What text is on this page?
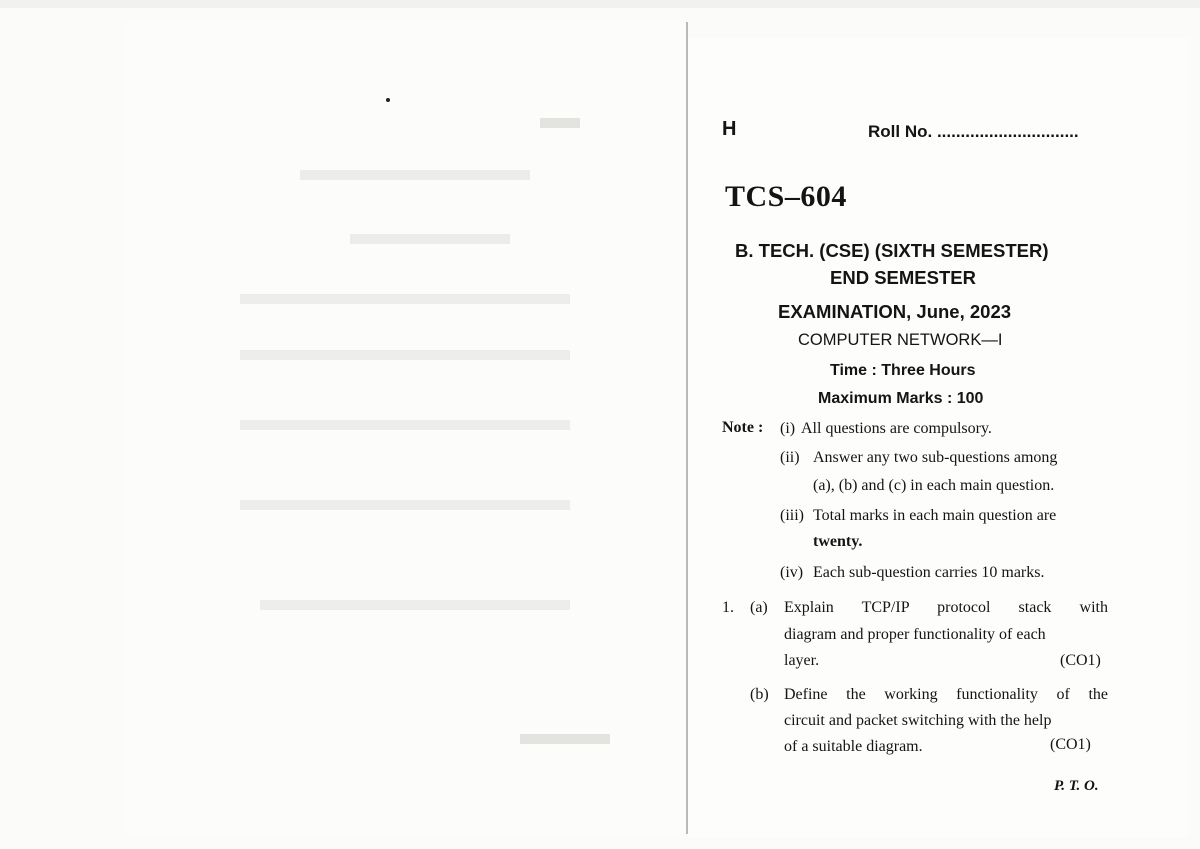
H	Roll No. ..............................
TCS–604
B. TECH. (CSE) (SIXTH SEMESTER)
END SEMESTER
EXAMINATION, June, 2023
COMPUTER NETWORK—I
Time : Three Hours
Maximum Marks : 100
Note : (i) All questions are compulsory.
(ii) Answer any two sub-questions among
(a), (b) and (c) in each main question.
(iii) Total marks in each main question are
twenty.
(iv) Each sub-question carries 10 marks.
1. (a) Explain TCP/IP protocol stack with
diagram and proper functionality of each
layer.	(CO1)
(b) Define the working functionality of the
circuit and packet switching with the help
of a suitable diagram.	(CO1)
P. T. O.
